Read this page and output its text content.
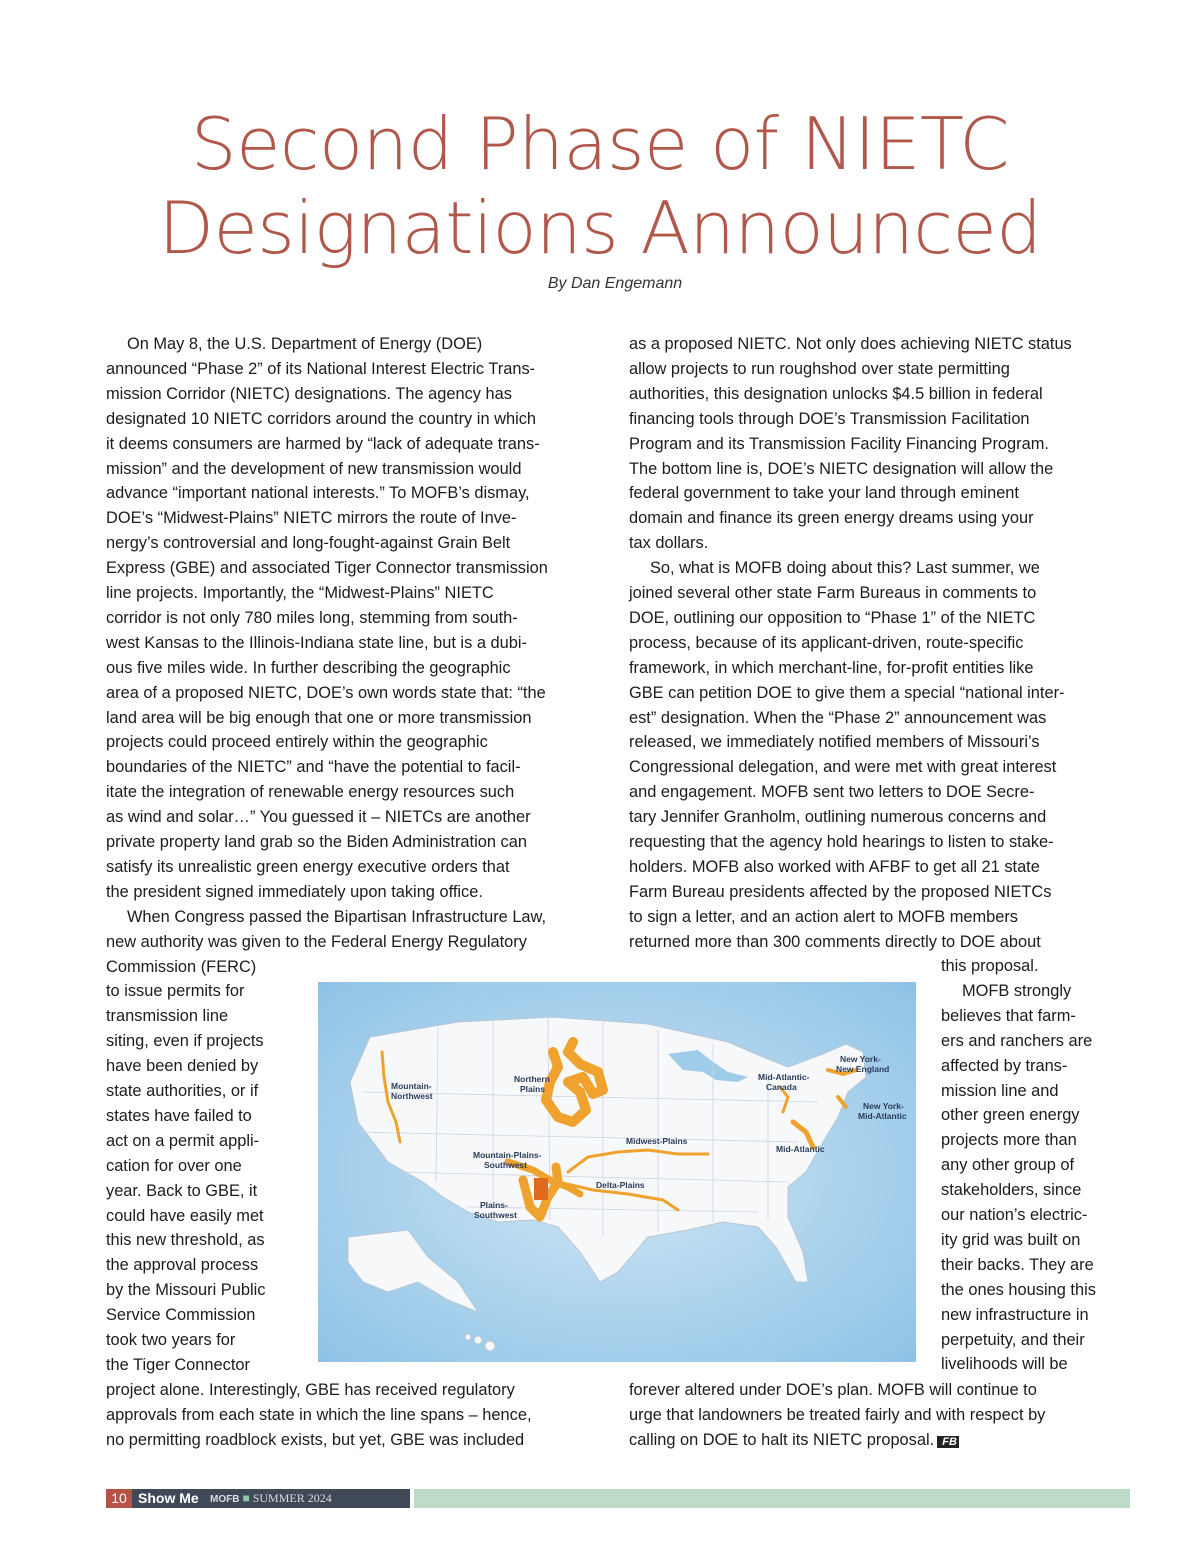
Second Phase of NIETC
Designations Announced
By Dan Engemann
  On May 8, the U.S. Department of Energy (DOE)
announced “Phase 2” of its National Interest Electric Trans-
mission Corridor (NIETC) designations. The agency has
designated 10 NIETC corridors around the country in which
it deems consumers are harmed by “lack of adequate trans-
mission” and the development of new transmission would
advance “important national interests.” To MOFB’s dismay,
DOE’s “Midwest-Plains” NIETC mirrors the route of Inve-
nergy’s controversial and long-fought-against Grain Belt
Express (GBE) and associated Tiger Connector transmission
line projects. Importantly, the “Midwest-Plains” NIETC
corridor is not only 780 miles long, stemming from south-
west Kansas to the Illinois-Indiana state line, but is a dubi-
ous five miles wide. In further describing the geographic
area of a proposed NIETC, DOE’s own words state that: “the
land area will be big enough that one or more transmission
projects could proceed entirely within the geographic
boundaries of the NIETC” and “have the potential to facil-
itate the integration of renewable energy resources such
as wind and solar…” You guessed it – NIETCs are another
private property land grab so the Biden Administration can
satisfy its unrealistic green energy executive orders that
the president signed immediately upon taking office.
  When Congress passed the Bipartisan Infrastructure Law,
new authority was given to the Federal Energy Regulatory
Commission (FERC)
to issue permits for
transmission line
siting, even if projects
have been denied by
state authorities, or if
states have failed to
act on a permit appli-
cation for over one
year. Back to GBE, it
could have easily met
this new threshold, as
the approval process
by the Missouri Public
Service Commission
took two years for
the Tiger Connector
project alone. Interestingly, GBE has received regulatory
approvals from each state in which the line spans – hence,
no permitting roadblock exists, but yet, GBE was included
as a proposed NIETC. Not only does achieving NIETC status
allow projects to run roughshod over state permitting
authorities, this designation unlocks $4.5 billion in federal
financing tools through DOE’s Transmission Facilitation
Program and its Transmission Facility Financing Program.
The bottom line is, DOE’s NIETC designation will allow the
federal government to take your land through eminent
domain and finance its green energy dreams using your
tax dollars.
  So, what is MOFB doing about this? Last summer, we
joined several other state Farm Bureaus in comments to
DOE, outlining our opposition to “Phase 1” of the NIETC
process, because of its applicant-driven, route-specific
framework, in which merchant-line, for-profit entities like
GBE can petition DOE to give them a special “national inter-
est” designation. When the “Phase 2” announcement was
released, we immediately notified members of Missouri’s
Congressional delegation, and were met with great interest
and engagement. MOFB sent two letters to DOE Secre-
tary Jennifer Granholm, outlining numerous concerns and
requesting that the agency hold hearings to listen to stake-
holders. MOFB also worked with AFBF to get all 21 state
Farm Bureau presidents affected by the proposed NIETCs
to sign a letter, and an action alert to MOFB members
returned more than 300 comments directly to DOE about
this proposal.
  MOFB strongly
believes that farm-
ers and ranchers are
affected by trans-
mission line and
other green energy
projects more than
any other group of
stakeholders, since
our nation’s electric-
ity grid was built on
their backs. They are
the ones housing this
new infrastructure in
perpetuity, and their
livelihoods will be
forever altered under DOE’s plan. MOFB will continue to
urge that landowners be treated fairly and with respect by
calling on DOE to halt its NIETC proposal. FB
Mountain-Northwest
Northern Plains
Mountain-Plains-Southwest
Plains-Southwest
Midwest-Plains
Delta-Plains
Mid-Atlantic-Canada
Mid-Atlantic
New York-New England
New York-Mid-Atlantic
10 Show Me MOFB ■ SUMMER 2024
